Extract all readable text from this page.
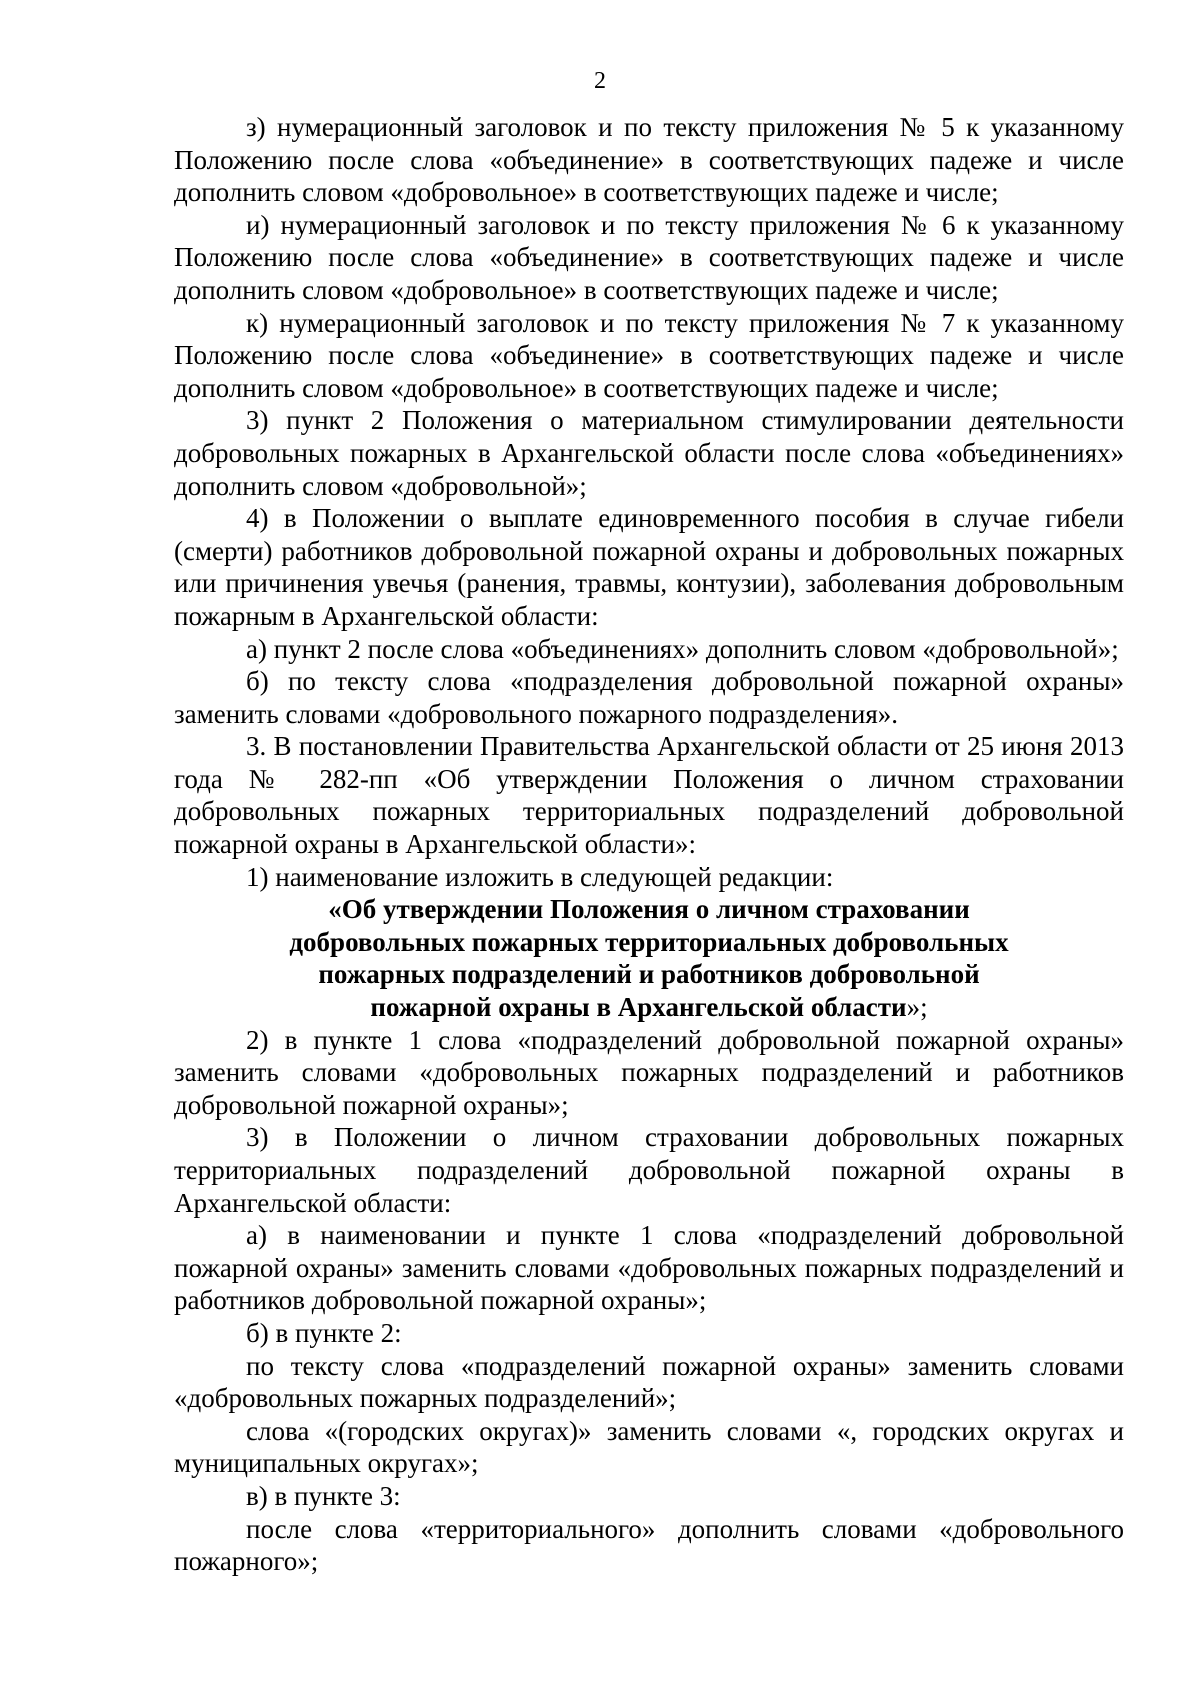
2

з) нумерационный заголовок и по тексту приложения № 5 к указанному Положению после слова «объединение» в соответствующих падеже и числе дополнить словом «добровольное» в соответствующих падеже и числе;

и) нумерационный заголовок и по тексту приложения № 6 к указанному Положению после слова «объединение» в соответствующих падеже и числе дополнить словом «добровольное» в соответствующих падеже и числе;

к) нумерационный заголовок и по тексту приложения № 7 к указанному Положению после слова «объединение» в соответствующих падеже и числе дополнить словом «добровольное» в соответствующих падеже и числе;

3) пункт 2 Положения о материальном стимулировании деятельности добровольных пожарных в Архангельской области после слова «объединениях» дополнить словом «добровольной»;

4) в Положении о выплате единовременного пособия в случае гибели (смерти) работников добровольной пожарной охраны и добровольных пожарных или причинения увечья (ранения, травмы, контузии), заболевания добровольным пожарным в Архангельской области:

а) пункт 2 после слова «объединениях» дополнить словом «добровольной»;

б) по тексту слова «подразделения добровольной пожарной охраны» заменить словами «добровольного пожарного подразделения».

3. В постановлении Правительства Архангельской области от 25 июня 2013 года № 282-пп «Об утверждении Положения о личном страховании добровольных пожарных территориальных подразделений добровольной пожарной охраны в Архангельской области»:

1) наименование изложить в следующей редакции:

«Об утверждении Положения о личном страховании
добровольных пожарных территориальных добровольных
пожарных подразделений и работников добровольной
пожарной охраны в Архангельской области»;

2) в пункте 1 слова «подразделений добровольной пожарной охраны» заменить словами «добровольных пожарных подразделений и работников добровольной пожарной охраны»;

3) в Положении о личном страховании добровольных пожарных территориальных подразделений добровольной пожарной охраны в Архангельской области:

а) в наименовании и пункте 1 слова «подразделений добровольной пожарной охраны» заменить словами «добровольных пожарных подразделений и работников добровольной пожарной охраны»;

б) в пункте 2:

по тексту слова «подразделений пожарной охраны» заменить словами «добровольных пожарных подразделений»;

слова «(городских округах)» заменить словами «, городских округах и муниципальных округах»;

в) в пункте 3:

после слова «территориального» дополнить словами «добровольного пожарного»;
